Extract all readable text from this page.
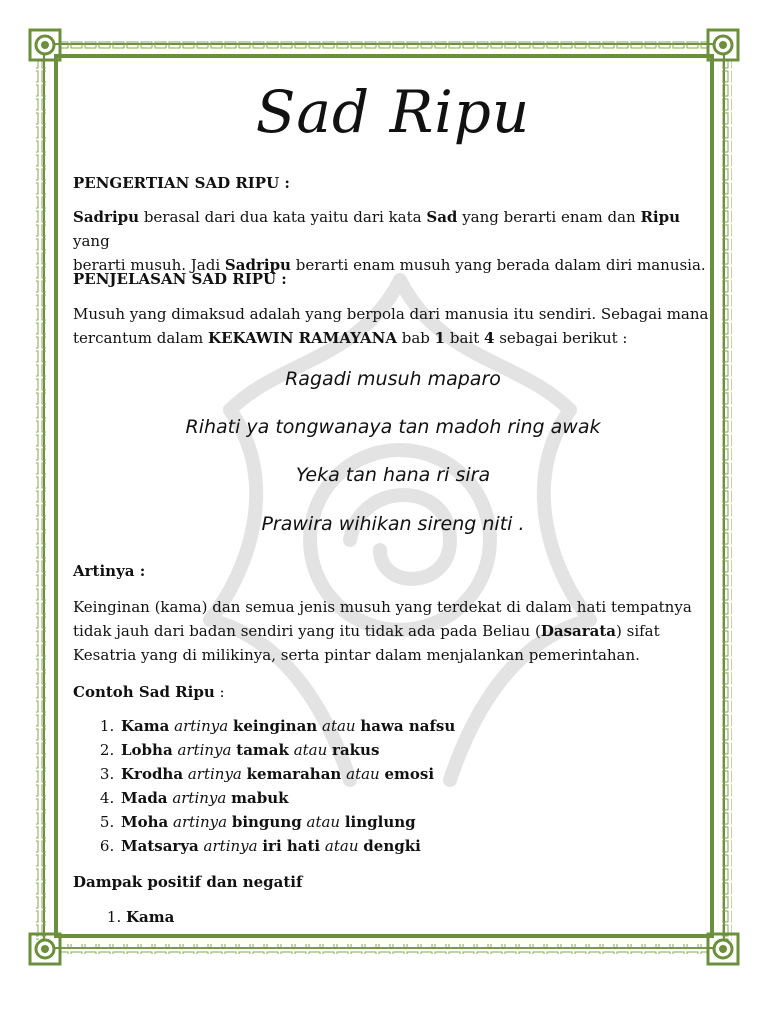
Sad Ripu
PENGERTIAN SAD RIPU :
Sadripu berasal dari dua kata yaitu dari kata Sad yang berarti enam dan Ripu yang
berarti musuh. Jadi Sadripu berarti enam musuh yang berada dalam diri manusia.
PENJELASAN SAD RIPU :
Musuh yang dimaksud adalah yang berpola dari manusia itu sendiri. Sebagai mana
tercantum dalam KEKAWIN RAMAYANA bab 1 bait 4 sebagai berikut :
Ragadi musuh maparo
Rihati ya tongwanaya tan madoh ring awak
Yeka tan hana ri sira
Prawira wihikan sireng niti .
Artinya :
Keinginan (kama) dan semua jenis musuh yang terdekat di dalam hati tempatnya
tidak jauh dari badan sendiri yang itu tidak ada pada Beliau (Dasarata) sifat
Kesatria yang di milikinya, serta pintar dalam menjalankan pemerintahan.
Contoh Sad Ripu :
1. Kama artinya keinginan atau hawa nafsu
2. Lobha artinya tamak atau rakus
3. Krodha artinya kemarahan atau emosi
4. Mada artinya mabuk
5. Moha artinya bingung atau linglung
6. Matsarya artinya iri hati atau dengki
Dampak positif dan negatif
1. Kama
